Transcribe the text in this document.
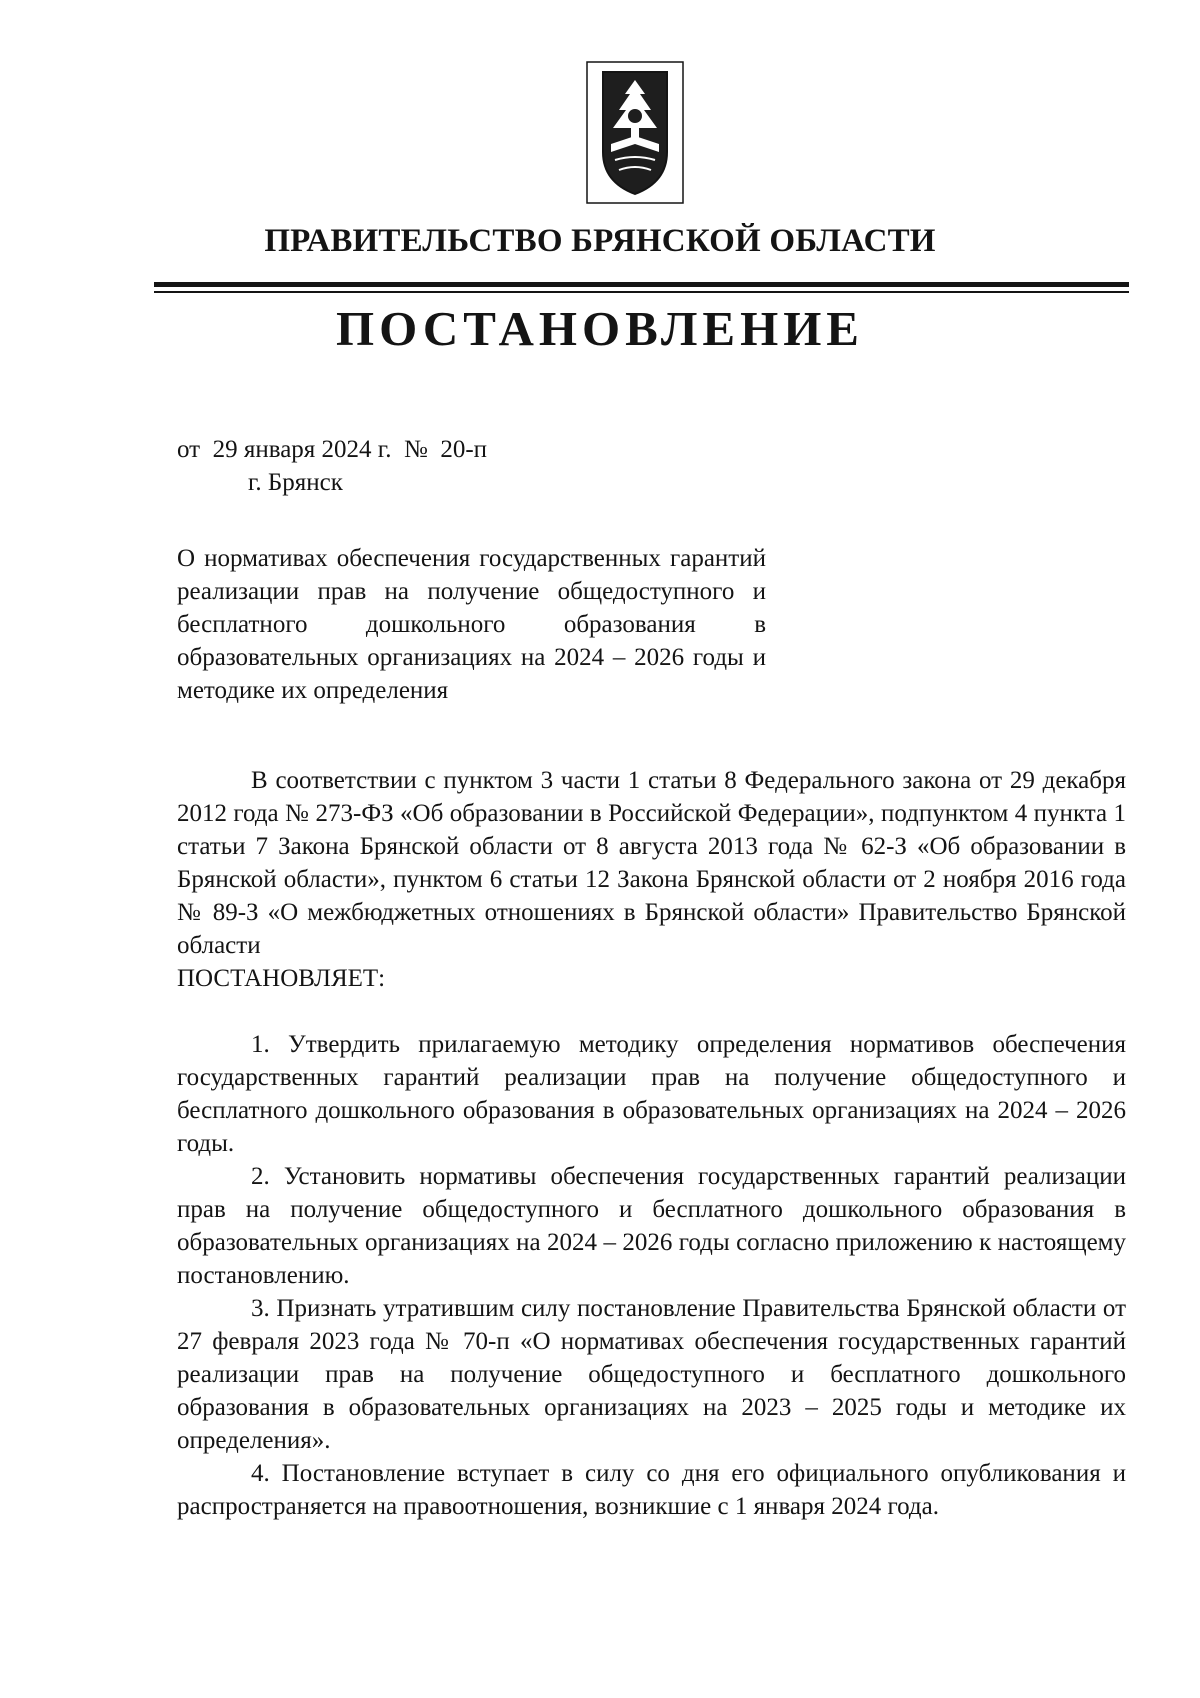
ПРАВИТЕЛЬСТВО БРЯНСКОЙ ОБЛАСТИ
ПОСТАНОВЛЕНИЕ
от  29 января 2024 г.  №  20-п
г. Брянск
О нормативах обеспечения государственных гарантий реализации прав на получение общедоступного и бесплатного дошкольного образования в образовательных организациях на 2024 – 2026 годы и методике их определения

В соответствии с пунктом 3 части 1 статьи 8 Федерального закона от 29 декабря 2012 года № 273-ФЗ «Об образовании в Российской Федерации», подпунктом 4 пункта 1 статьи 7 Закона Брянской области от 8 августа 2013 года № 62-З «Об образовании в Брянской области», пунктом 6 статьи 12 Закона Брянской области от 2 ноября 2016 года № 89-З «О межбюджетных отношениях в Брянской области» Правительство Брянской области

ПОСТАНОВЛЯЕТ:

1. Утвердить прилагаемую методику определения нормативов обеспечения государственных гарантий реализации прав на получение общедоступного и бесплатного дошкольного образования в образовательных организациях на 2024 – 2026 годы.

2. Установить нормативы обеспечения государственных гарантий реализации прав на получение общедоступного и бесплатного дошкольного образования в образовательных организациях на 2024 – 2026 годы согласно приложению к настоящему постановлению.

3. Признать утратившим силу постановление Правительства Брянской области от 27 февраля 2023 года № 70-п «О нормативах обеспечения государственных гарантий реализации прав на получение общедоступного и бесплатного дошкольного образования в образовательных организациях на 2023 – 2025 годы и методике их определения».

4. Постановление вступает в силу со дня его официального опубликования и распространяется на правоотношения, возникшие с 1 января 2024 года.
